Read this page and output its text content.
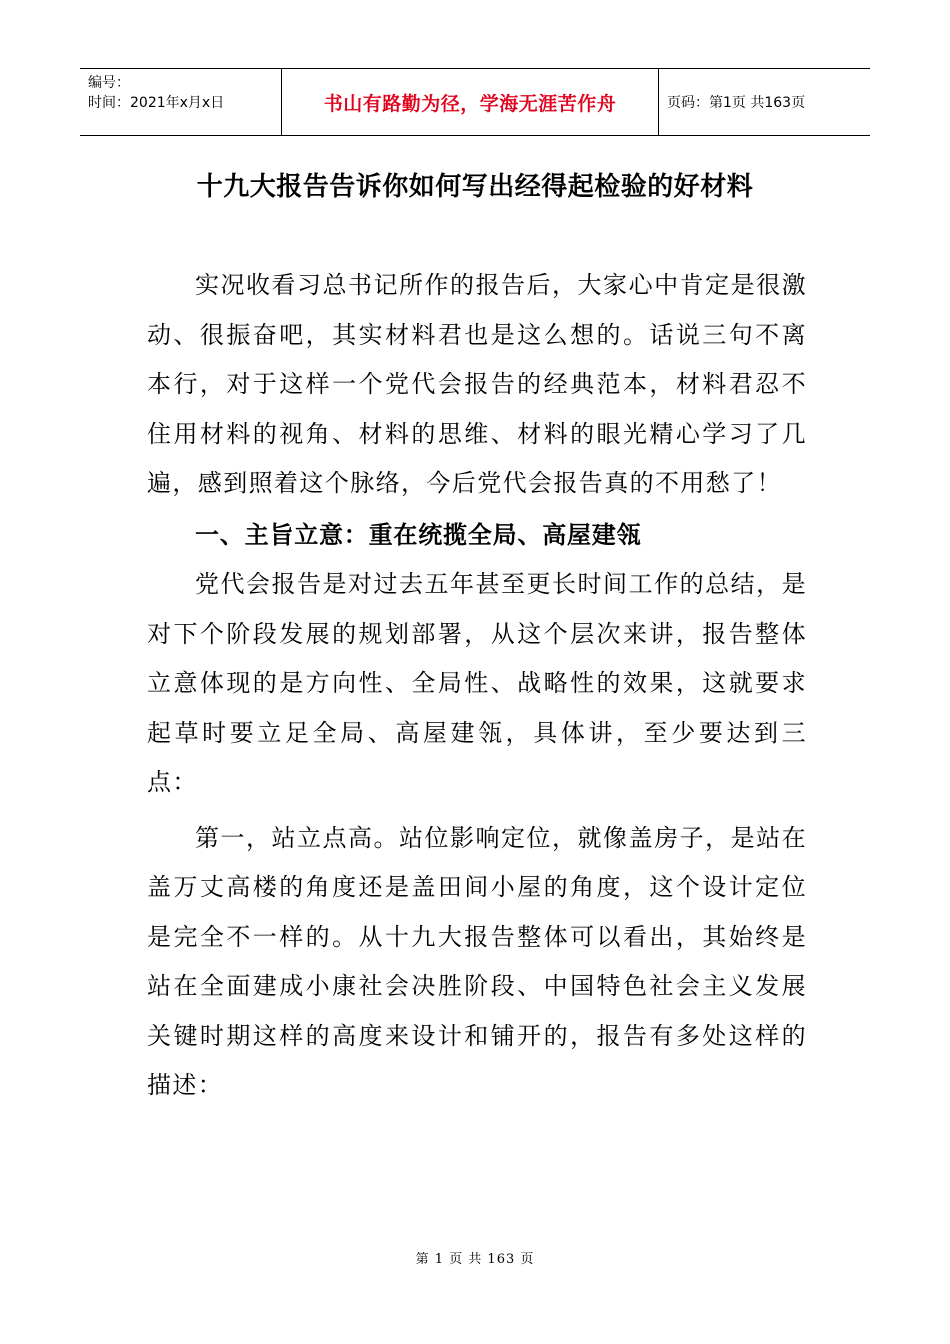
编号：
时间：2021年x月x日	书山有路勤为径，学海无涯苦作舟	页码：第1页 共163页
十九大报告告诉你如何写出经得起检验的好材料

实况收看习总书记所作的报告后，大家心中肯定是很激动、很振奋吧，其实材料君也是这么想的。话说三句不离本行，对于这样一个党代会报告的经典范本，材料君忍不住用材料的视角、材料的思维、材料的眼光精心学习了几遍，感到照着这个脉络，今后党代会报告真的不用愁了！

一、主旨立意：重在统揽全局、高屋建瓴

党代会报告是对过去五年甚至更长时间工作的总结，是对下个阶段发展的规划部署，从这个层次来讲，报告整体立意体现的是方向性、全局性、战略性的效果，这就要求起草时要立足全局、高屋建瓴，具体讲，至少要达到三点：

第一，站立点高。站位影响定位，就像盖房子，是站在盖万丈高楼的角度还是盖田间小屋的角度，这个设计定位是完全不一样的。从十九大报告整体可以看出，其始终是站在全面建成小康社会决胜阶段、中国特色社会主义发展关键时期这样的高度来设计和铺开的，报告有多处这样的描述：

第 1 页 共 163 页
